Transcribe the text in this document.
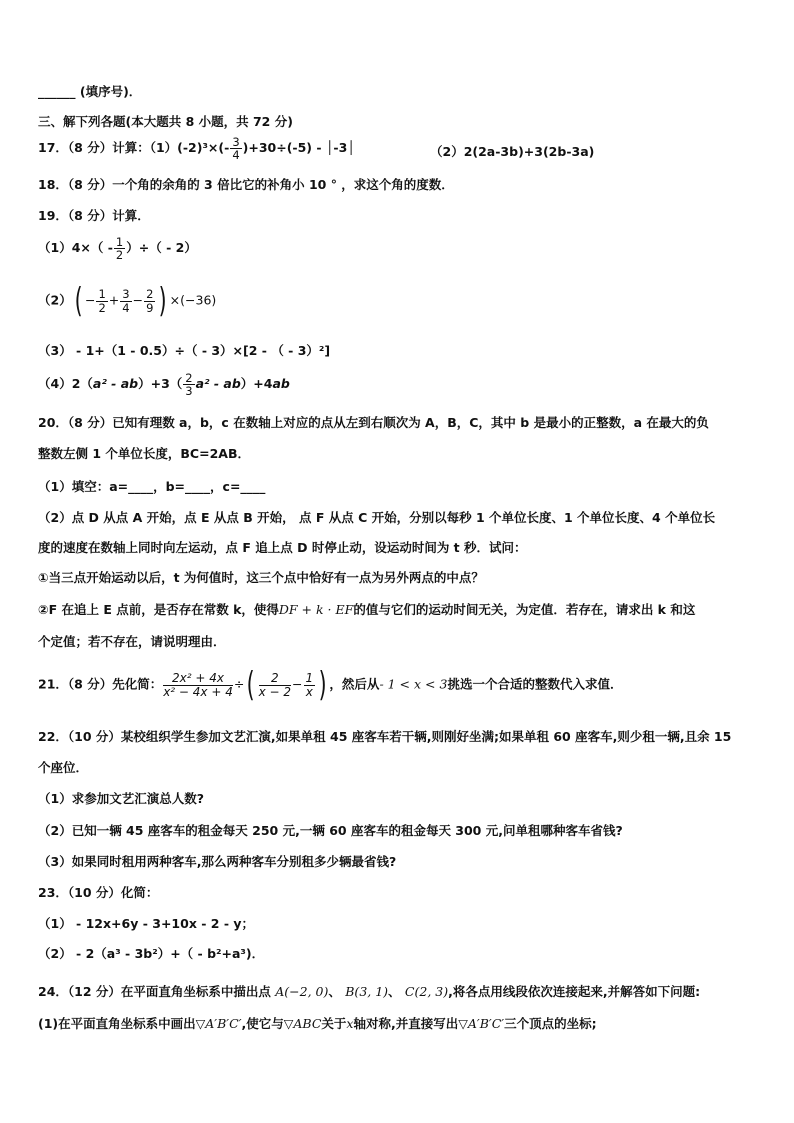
______ (填序号)．
三、解下列各题(本大题共 8 小题，共 72 分)
17．（8 分）计算：$(1)(-2)^3\times(- \frac{3}{4} )+30\div(-5)$ - │-3│	（2）2(2a-3b)+3(2b-3a)
18．（8 分）一个角的余角的 3 倍比它的补角小 10 ° ，求这个角的度数．
19．（8 分）计算．
$(1)4\times( - \frac{1}{2}$ ）÷（ - 2）
$(2)( - \frac{1}{2} + \frac{3}{4} - \frac{2}{9}$ ) ×(−36)
（3） - 1+（1 - 0.5）÷（ - 3）×[2 - （ - 3）²]
$(4)2(a^2 - ab)+3( \frac{2}{3} a^2 - ab)+4ab$
20．（8 分）已知有理数 a，b，c 在数轴上对应的点从左到右顺次为 A，B，C，其中 b 是最小的正整数，a 在最大的负
整数左侧 1 个单位长度，BC=2AB．
（1）填空：a=____，b=____，c=____
（2）点 D 从点 A 开始，点 E 从点 B 开始， 点 F 从点 C 开始，分别以每秒 1 个单位长度、1 个单位长度、4 个单位长
度的速度在数轴上同时向左运动，点 F 追上点 D 时停止动，设运动时间为 t 秒．试问：
①当三点开始运动以后，t 为何值时，这三个点中恰好有一点为另外两点的中点？
②F 在追上 E 点前，是否存在常数 k，使得DF + k · EF的值与它们的运动时间无关，为定值．若存在，请求出 k 和这
个定值；若不存在，请说明理由．
21．（8 分）先化简： $\frac{\text{2x² + 4x}}{\text{x² − 4x + 4}}$ ÷( $\frac{2}{x - 2} - \frac{1}{x}$ ) ，然后从- 1 < x < 3挑选一个合适的整数代入求值．
22．（10 分）某校组织学生参加文艺汇演,如果单租 45 座客车若干辆,则刚好坐满;如果单租 60 座客车,则少租一辆,且余 15
个座位．
（1）求参加文艺汇演总人数?
（2）已知一辆 45 座客车的租金每天 250 元,一辆 60 座客车的租金每天 300 元,问单租哪种客车省钱?
（3）如果同时租用两种客车,那么两种客车分别租多少辆最省钱?
23．（10 分）化简：
（1） - 12x+6y - 3+10x - 2 - y；
（2） - 2（a³ - 3b²）+（ - b²+a³)．
24．（12 分）在平面直角坐标系中描出点 A(−2, 0)、 B(3, 1)、 C(2, 3),将各点用线段依次连接起来,并解答如下问题:
(1)在平面直角坐标系中画出▽A′B′C′,使它与▽ABC关于x轴对称,并直接写出▽A′B′C′三个顶点的坐标;
